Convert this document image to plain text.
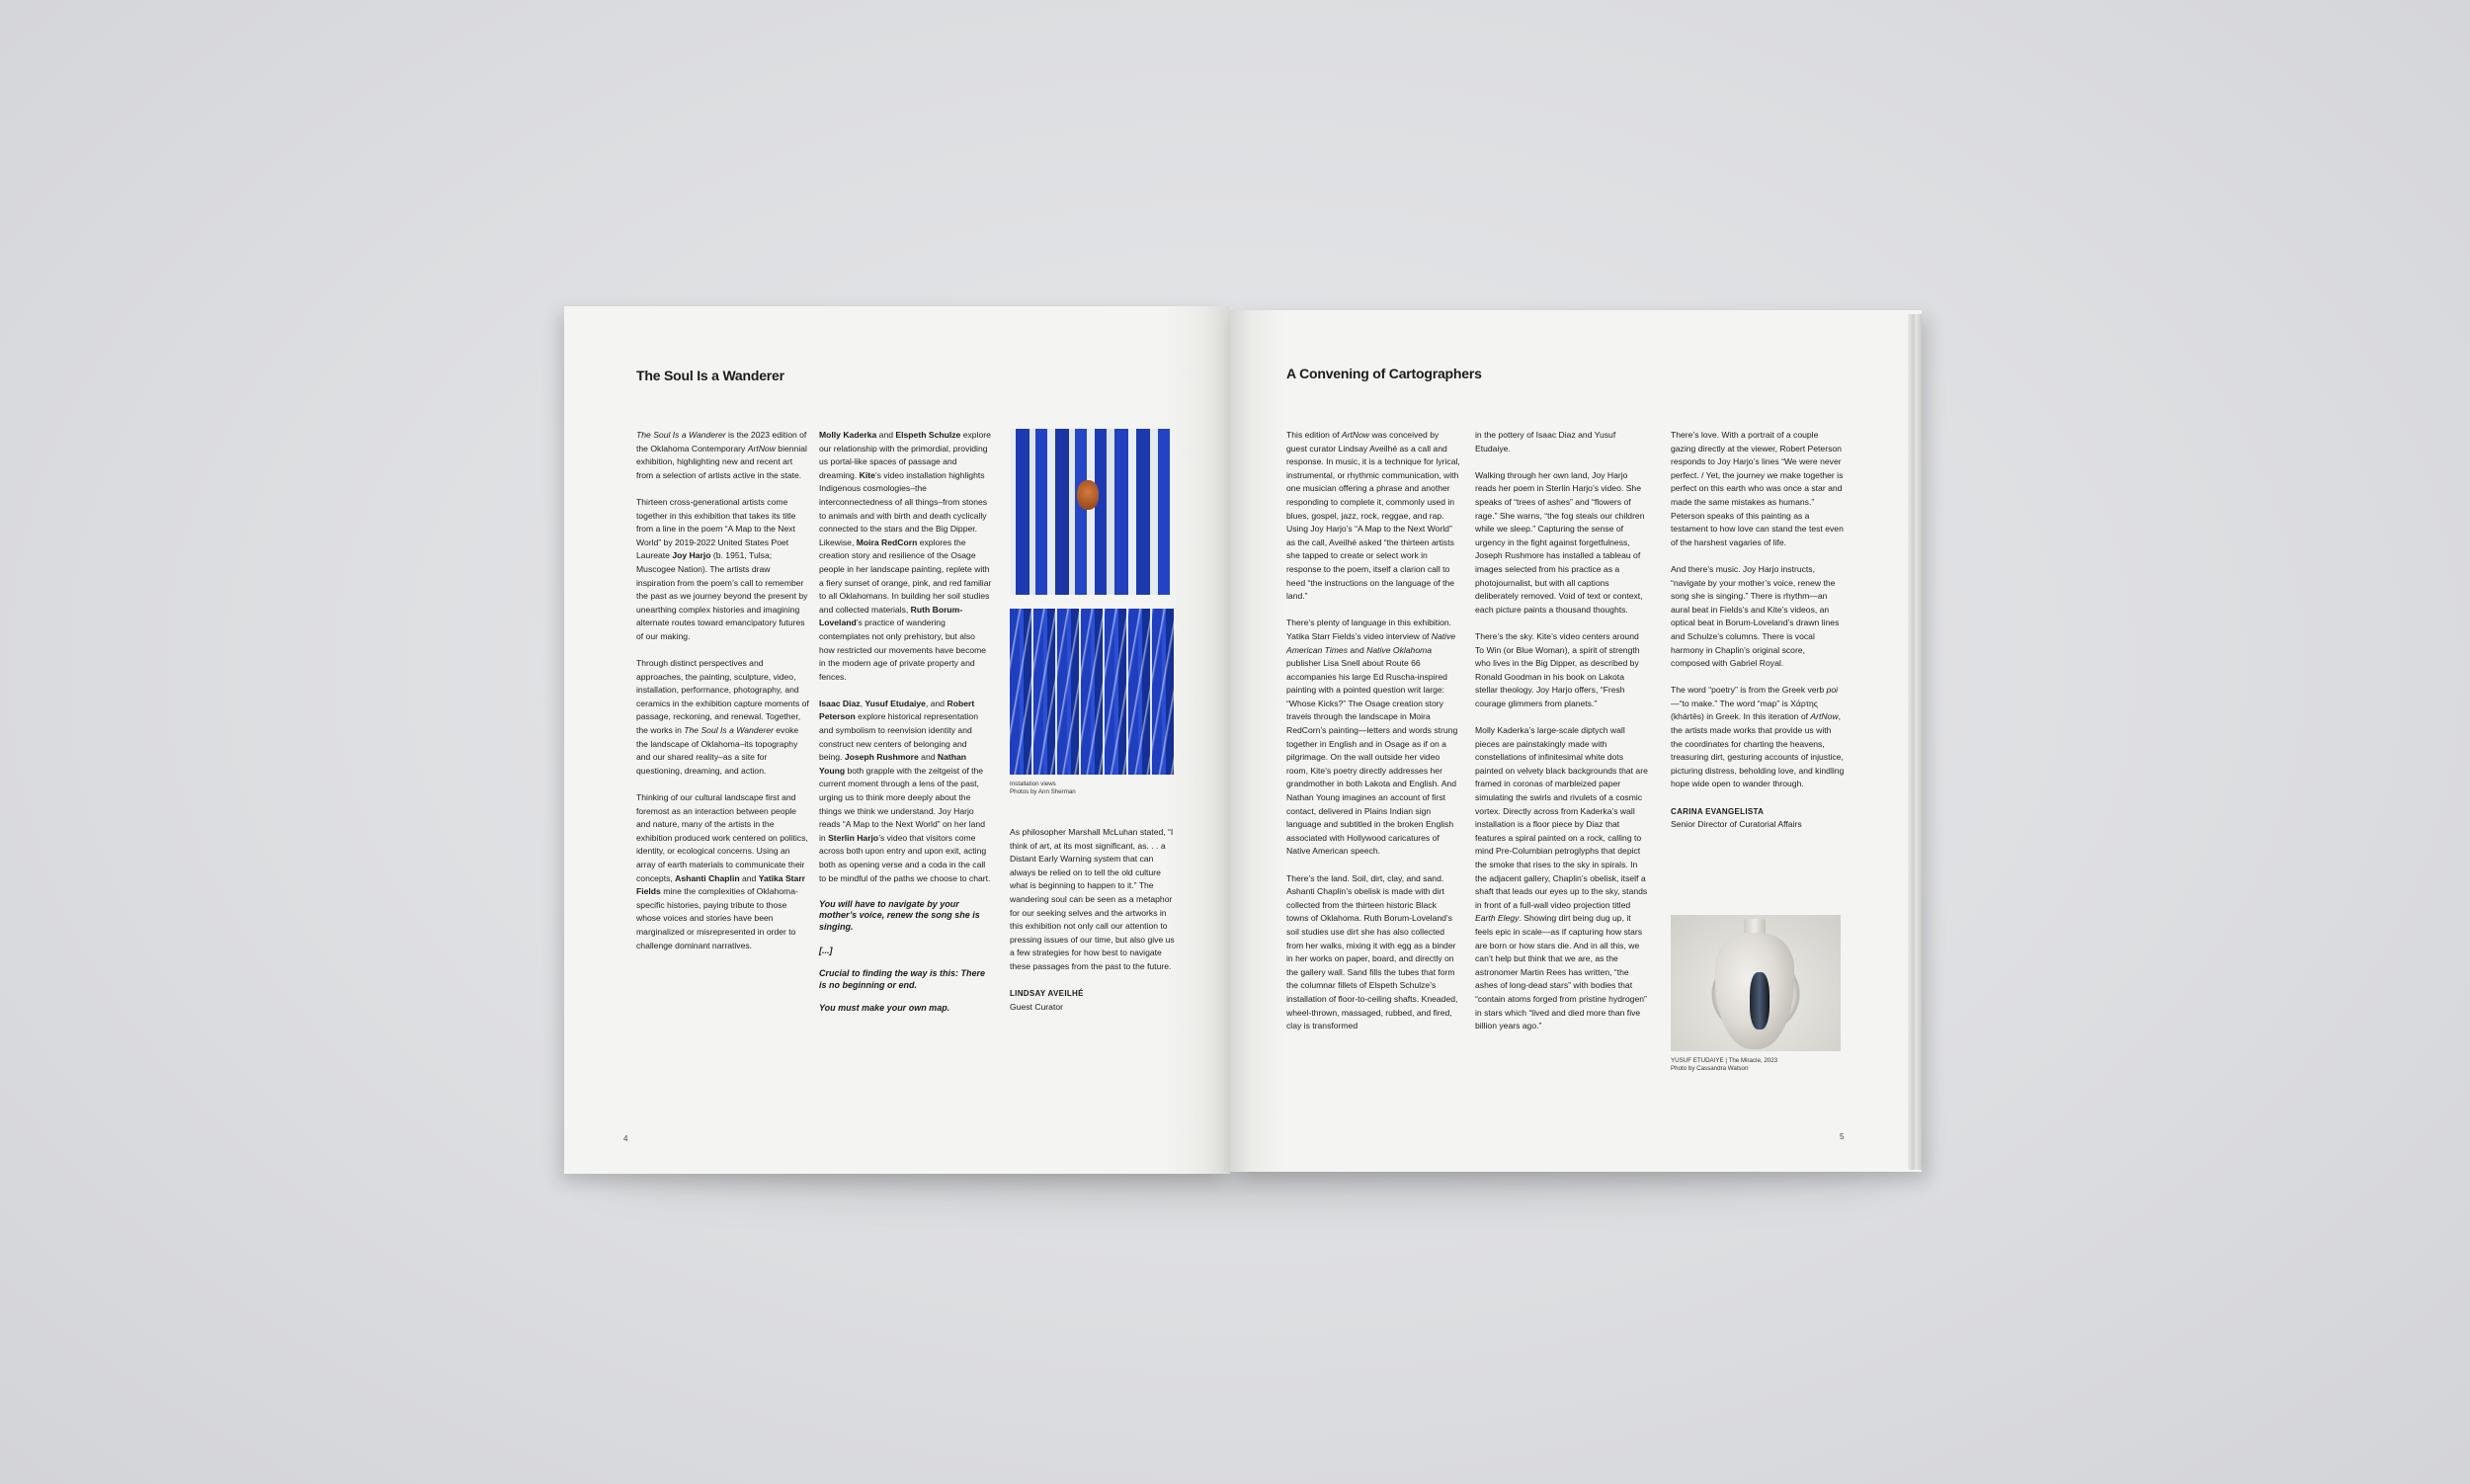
The Soul Is a Wanderer

The Soul Is a Wanderer is the 2023 edition of the Oklahoma Contemporary ArtNow biennial exhibition, highlighting new and recent art from a selection of artists active in the state.

Thirteen cross-generational artists come together in this exhibition that takes its title from a line in the poem “A Map to the Next World” by 2019-2022 United States Poet Laureate Joy Harjo (b. 1951, Tulsa; Muscogee Nation). The artists draw inspiration from the poem’s call to remember the past as we journey beyond the present by unearthing complex histories and imagining alternate routes toward emancipatory futures of our making.

Through distinct perspectives and approaches, the painting, sculpture, video, installation, performance, photography, and ceramics in the exhibition capture moments of passage, reckoning, and renewal. Together, the works in The Soul Is a Wanderer evoke the landscape of Oklahoma–its topography and our shared reality–as a site for questioning, dreaming, and action.

Thinking of our cultural landscape first and foremost as an interaction between people and nature, many of the artists in the exhibition produced work centered on politics, identity, or ecological concerns. Using an array of earth materials to communicate their concepts, Ashanti Chaplin and Yatika Starr Fields mine the complexities of Oklahoma-specific histories, paying tribute to those whose voices and stories have been marginalized or misrepresented in order to challenge dominant narratives.

Molly Kaderka and Elspeth Schulze explore our relationship with the primordial, providing us portal-like spaces of passage and dreaming. Kite’s video installation highlights Indigenous cosmologies–the interconnectedness of all things–from stones to animals and with birth and death cyclically connected to the stars and the Big Dipper. Likewise, Moira RedCorn explores the creation story and resilience of the Osage people in her landscape painting, replete with a fiery sunset of orange, pink, and red familiar to all Oklahomans. In building her soil studies and collected materials, Ruth Borum-Loveland’s practice of wandering contemplates not only prehistory, but also how restricted our movements have become in the modern age of private property and fences.

Isaac Diaz, Yusuf Etudaiye, and Robert Peterson explore historical representation and symbolism to reenvision identity and construct new centers of belonging and being. Joseph Rushmore and Nathan Young both grapple with the zeitgeist of the current moment through a lens of the past, urging us to think more deeply about the things we think we understand. Joy Harjo reads “A Map to the Next World” on her land in Sterlin Harjo’s video that visitors come across both upon entry and upon exit, acting both as opening verse and a coda in the call to be mindful of the paths we choose to chart.

You will have to navigate by your mother’s voice, renew the song she is singing.

[...]

Crucial to finding the way is this: There is no beginning or end.

You must make your own map.

Installation views
Photos by Ann Sherman

As philosopher Marshall McLuhan stated, “I think of art, at its most significant, as. . . a Distant Early Warning system that can always be relied on to tell the old culture what is beginning to happen to it.” The wandering soul can be seen as a metaphor for our seeking selves and the artworks in this exhibition not only call our attention to pressing issues of our time, but also give us a few strategies for how best to navigate these passages from the past to the future.

LINDSAY AVEILHÉ
Guest Curator
4
A Convening of Cartographers

This edition of ArtNow was conceived by guest curator Lindsay Aveilhé as a call and response. In music, it is a technique for lyrical, instrumental, or rhythmic communication, with one musician offering a phrase and another responding to complete it, commonly used in blues, gospel, jazz, rock, reggae, and rap. Using Joy Harjo’s “A Map to the Next World” as the call, Aveilhé asked “the thirteen artists she tapped to create or select work in response to the poem, itself a clarion call to heed “the instructions on the language of the land.”

There’s plenty of language in this exhibition. Yatika Starr Fields’s video interview of Native American Times and Native Oklahoma publisher Lisa Snell about Route 66 accompanies his large Ed Ruscha-inspired painting with a pointed question writ large: “Whose Kicks?” The Osage creation story travels through the landscape in Moira RedCorn’s painting—letters and words strung together in English and in Osage as if on a pilgrimage. On the wall outside her video room, Kite’s poetry directly addresses her grandmother in both Lakota and English. And Nathan Young imagines an account of first contact, delivered in Plains Indian sign language and subtitled in the broken English associated with Hollywood caricatures of Native American speech.

There’s the land. Soil, dirt, clay, and sand. Ashanti Chaplin’s obelisk is made with dirt collected from the thirteen historic Black towns of Oklahoma. Ruth Borum-Loveland’s soil studies use dirt she has also collected from her walks, mixing it with egg as a binder in her works on paper, board, and directly on the gallery wall. Sand fills the tubes that form the columnar fillets of Elspeth Schulze’s installation of floor-to-ceiling shafts. Kneaded, wheel-thrown, massaged, rubbed, and fired, clay is transformed

in the pottery of Isaac Diaz and Yusuf Etudaiye.

Walking through her own land, Joy Harjo reads her poem in Sterlin Harjo’s video. She speaks of “trees of ashes” and “flowers of rage.” She warns, “the fog steals our children while we sleep.” Capturing the sense of urgency in the fight against forgetfulness, Joseph Rushmore has installed a tableau of images selected from his practice as a photojournalist, but with all captions deliberately removed. Void of text or context, each picture paints a thousand thoughts.

There’s the sky. Kite’s video centers around To Win (or Blue Woman), a spirit of strength who lives in the Big Dipper, as described by Ronald Goodman in his book on Lakota stellar theology. Joy Harjo offers, “Fresh courage glimmers from planets.”

Molly Kaderka’s large-scale diptych wall pieces are painstakingly made with constellations of infinitesimal white dots painted on velvety black backgrounds that are framed in coronas of marbleized paper simulating the swirls and rivulets of a cosmic vortex. Directly across from Kaderka’s wall installation is a floor piece by Diaz that features a spiral painted on a rock, calling to mind Pre-Columbian petroglyphs that depict the smoke that rises to the sky in spirals. In the adjacent gallery, Chaplin’s obelisk, itself a shaft that leads our eyes up to the sky, stands in front of a full-wall video projection titled Earth Elegy. Showing dirt being dug up, it feels epic in scale—as if capturing how stars are born or how stars die. And in all this, we can’t help but think that we are, as the astronomer Martin Rees has written, “the ashes of long-dead stars” with bodies that “contain atoms forged from pristine hydrogen” in stars which “lived and died more than five billion years ago.”

There’s love. With a portrait of a couple gazing directly at the viewer, Robert Peterson responds to Joy Harjo’s lines “We were never perfect. / Yet, the journey we make together is perfect on this earth who was once a star and made the same mistakes as humans.” Peterson speaks of this painting as a testament to how love can stand the test even of the harshest vagaries of life.

And there’s music. Joy Harjo instructs, “navigate by your mother’s voice, renew the song she is singing.” There is rhythm—an aural beat in Fields’s and Kite’s videos, an optical beat in Borum-Loveland’s drawn lines and Schulze’s columns. There is vocal harmony in Chaplin’s original score, composed with Gabriel Royal.

The word “poetry” is from the Greek verb poi—“to make.” The word “map” is Χάρτης (khártēs) in Greek. In this iteration of ArtNow, the artists made works that provide us with the coordinates for charting the heavens, treasuring dirt, gesturing accounts of injustice, picturing distress, beholding love, and kindling hope wide open to wander through.

CARINA EVANGELISTA
Senior Director of Curatorial Affairs
YUSUF ETUDAIYE | The Miracle, 2023
Photo by Cassandra Watson
5
